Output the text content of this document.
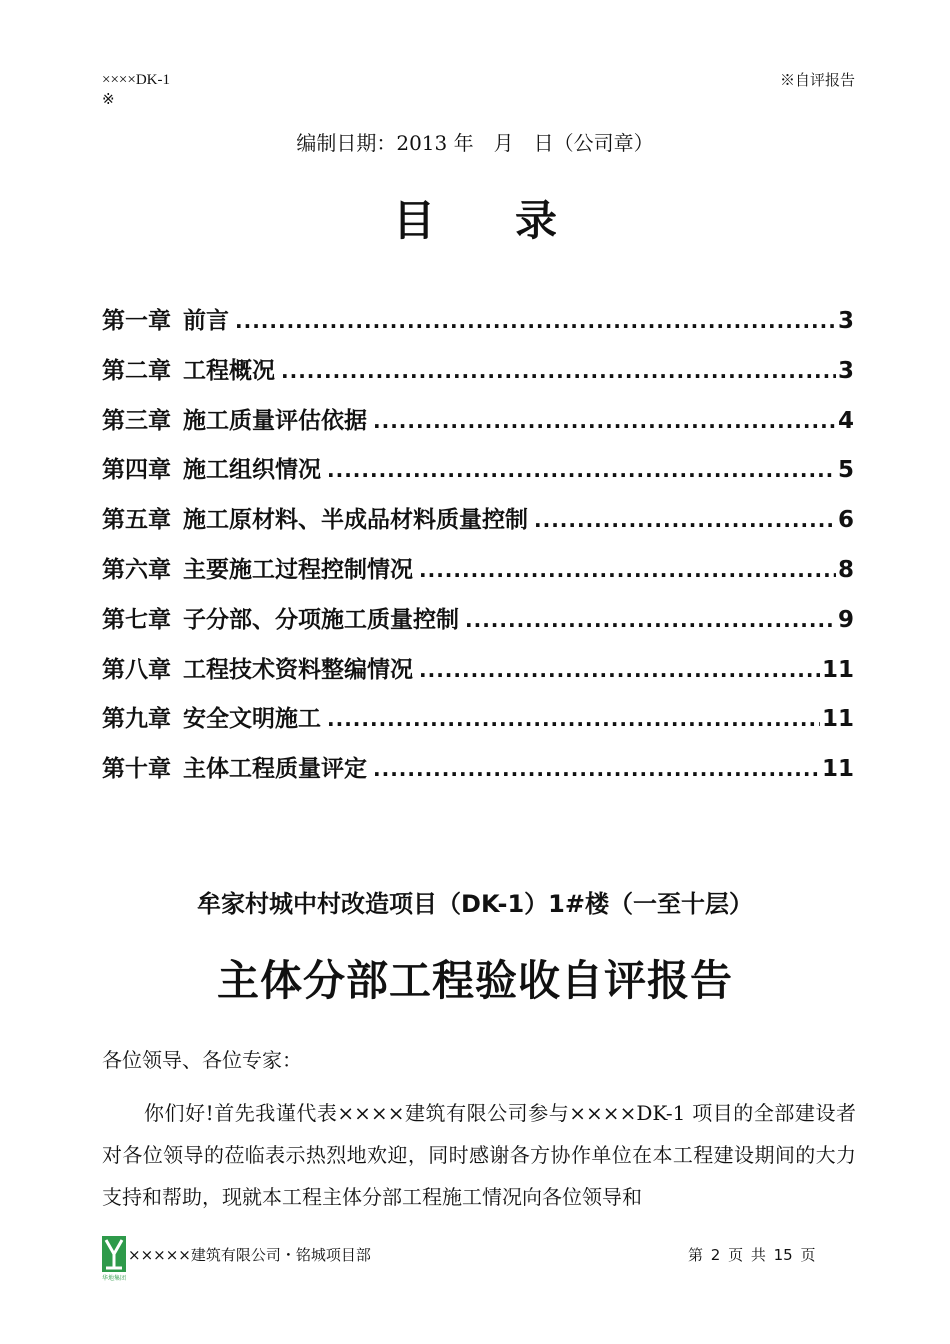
××××DK-1
※
※自评报告
编制日期：2013 年　月　日（公司章）
目录
第一章 前言 .....	3
第二章 工程概况 .....	3
第三章 施工质量评估依据 .....	4
第四章 施工组织情况 .....	5
第五章 施工原材料、半成品材料质量控制 .....	6
第六章 主要施工过程控制情况 .....	8
第七章 子分部、分项施工质量控制 .....	9
第八章 工程技术资料整编情况 .....	11
第九章 安全文明施工 .....	11
第十章 主体工程质量评定 .....	11
牟家村城中村改造项目（DK-1）1#楼（一至十层）
主体分部工程验收自评报告
各位领导、各位专家：

你们好!首先我谨代表××××建筑有限公司参与××××DK-1 项目的全部建设者对各位领导的莅临表示热烈地欢迎，同时感谢各方协作单位在本工程建设期间的大力支持和帮助，现就本工程主体分部工程施工情况向各位领导和

华地集团
×××××建筑有限公司・铭城项目部	第 2 页 共 15 页
